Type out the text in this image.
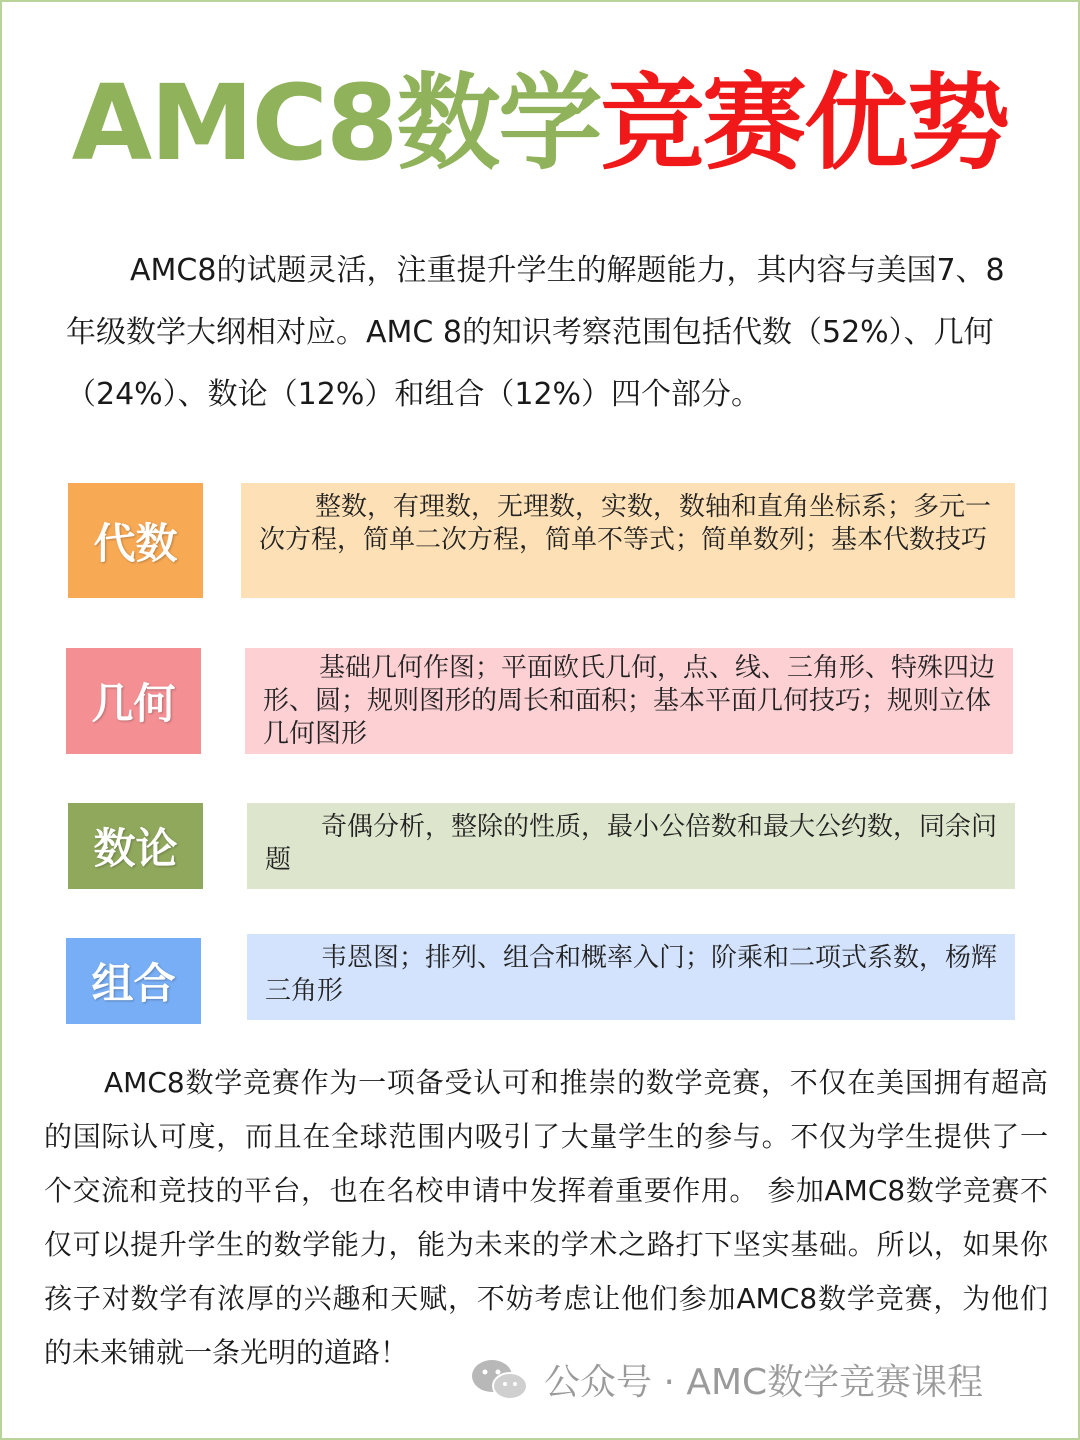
AMC8数学竞赛优势
AMC8的试题灵活，注重提升学生的解题能力，其内容与美国7、8年级数学大纲相对应。AMC 8的知识考察范围包括代数（52%）、几何（24%）、数论（12%）和组合（12%）四个部分。
代数
整数，有理数，无理数，实数，数轴和直角坐标系；多元一次方程，简单二次方程，简单不等式；简单数列；基本代数技巧
几何
基础几何作图；平面欧氏几何，点、线、三角形、特殊四边形、圆；规则图形的周长和面积；基本平面几何技巧；规则立体几何图形
数论	奇偶分析，整除的性质，最小公倍数和最大公约数，同余问题
组合
韦恩图；排列、组合和概率入门；阶乘和二项式系数，杨辉三角形
AMC8数学竞赛作为一项备受认可和推崇的数学竞赛，不仅在美国拥有超高的国际认可度，而且在全球范围内吸引了大量学生的参与。不仅为学生提供了一个交流和竞技的平台，也在名校申请中发挥着重要作用。 参加AMC8数学竞赛不仅可以提升学生的数学能力，能为未来的学术之路打下坚实基础。所以，如果你孩子对数学有浓厚的兴趣和天赋，不妨考虑让他们参加AMC8数学竞赛，为他们的未来铺就一条光明的道路！
公众号 · AMC数学竞赛课程
